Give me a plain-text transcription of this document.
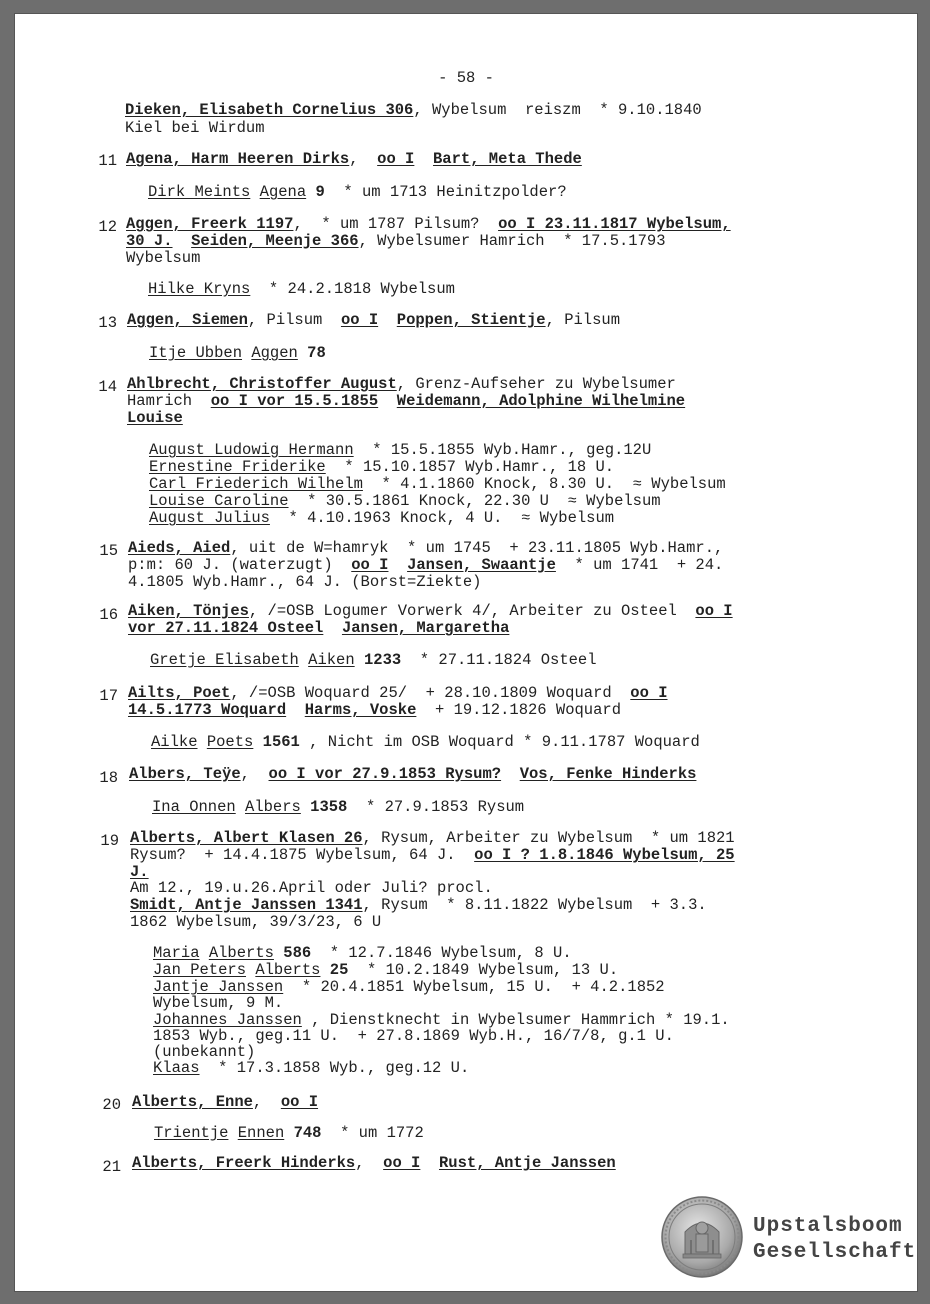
- 58 -
Dieken, Elisabeth Cornelius 306, Wybelsum  reiszm  * 9.10.1840
Kiel bei Wirdum
11 Agena, Harm Heeren Dirks,  oo I Bart, Meta Thede
Dirk Meints Agena 9  * um 1713 Heinitzpolder?
12 Aggen, Freerk 1197,  * um 1787 Pilsum?  oo I 23.11.1817 Wybelsum,
30 J. Seiden, Meenje 366, Wybelsumer Hamrich  * 17.5.1793
Wybelsum
Hilke Kryns  * 24.2.1818 Wybelsum
13 Aggen, Siemen, Pilsum  oo I Poppen, Stientje, Pilsum
Itje Ubben Aggen 78
14 Ahlbrecht, Christoffer August, Grenz-Aufseher zu Wybelsumer
Hamrich  oo I vor 15.5.1855 Weidemann, Adolphine Wilhelmine
Louise
August Ludowig Hermann  * 15.5.1855 Wyb.Hamr., geg.12U
Ernestine Friderike  * 15.10.1857 Wyb.Hamr., 18 U.
Carl Friederich Wilhelm  * 4.1.1860 Knock, 8.30 U.  ≈ Wybelsum
Louise Caroline  * 30.5.1861 Knock, 22.30 U  ≈ Wybelsum
August Julius  * 4.10.1963 Knock, 4 U.  ≈ Wybelsum
15 Aieds, Aied, uit de W=hamryk  * um 1745  + 23.11.1805 Wyb.Hamr.,
p:m: 60 J. (waterzugt)  oo I Jansen, Swaantje  * um 1741  + 24.
4.1805 Wyb.Hamr., 64 J. (Borst=Ziekte)
16 Aiken, Tönjes, /=OSB Logumer Vorwerk 4/, Arbeiter zu Osteel  oo I
vor 27.11.1824 Osteel Jansen, Margaretha
Gretje Elisabeth Aiken 1233  * 27.11.1824 Osteel
17 Ailts, Poet, /=OSB Woquard 25/  + 28.10.1809 Woquard  oo I
14.5.1773 Woquard Harms, Voske  + 19.12.1826 Woquard
Ailke Poets 1561 , Nicht im OSB Woquard * 9.11.1787 Woquard
18 Albers, Teÿe,  oo I vor 27.9.1853 Rysum? Vos, Fenke Hinderks
Ina Onnen Albers 1358  * 27.9.1853 Rysum
19 Alberts, Albert Klasen 26, Rysum, Arbeiter zu Wybelsum  * um 1821
Rysum?  + 14.4.1875 Wybelsum, 64 J.  oo I ? 1.8.1846 Wybelsum, 25
J.
Am 12., 19.u.26.April oder Juli? procl.
Smidt, Antje Janssen 1341, Rysum  * 8.11.1822 Wybelsum  + 3.3.
1862 Wybelsum, 39/3/23, 6 U
Maria Alberts 586  * 12.7.1846 Wybelsum, 8 U.
Jan Peters Alberts 25  * 10.2.1849 Wybelsum, 13 U.
Jantje Janssen  * 20.4.1851 Wybelsum, 15 U.  + 4.2.1852
Wybelsum, 9 M.
Johannes Janssen , Dienstknecht in Wybelsumer Hammrich * 19.1.
1853 Wyb., geg.11 U.  + 27.8.1869 Wyb.H., 16/7/8, g.1 U.
(unbekannt)
Klaas  * 17.3.1858 Wyb., geg.12 U.
20 Alberts, Enne,  oo I
Trientje Ennen 748  * um 1772
21 Alberts, Freerk Hinderks,  oo I Rust, Antje Janssen
Upstalsboom
Gesellschaft
